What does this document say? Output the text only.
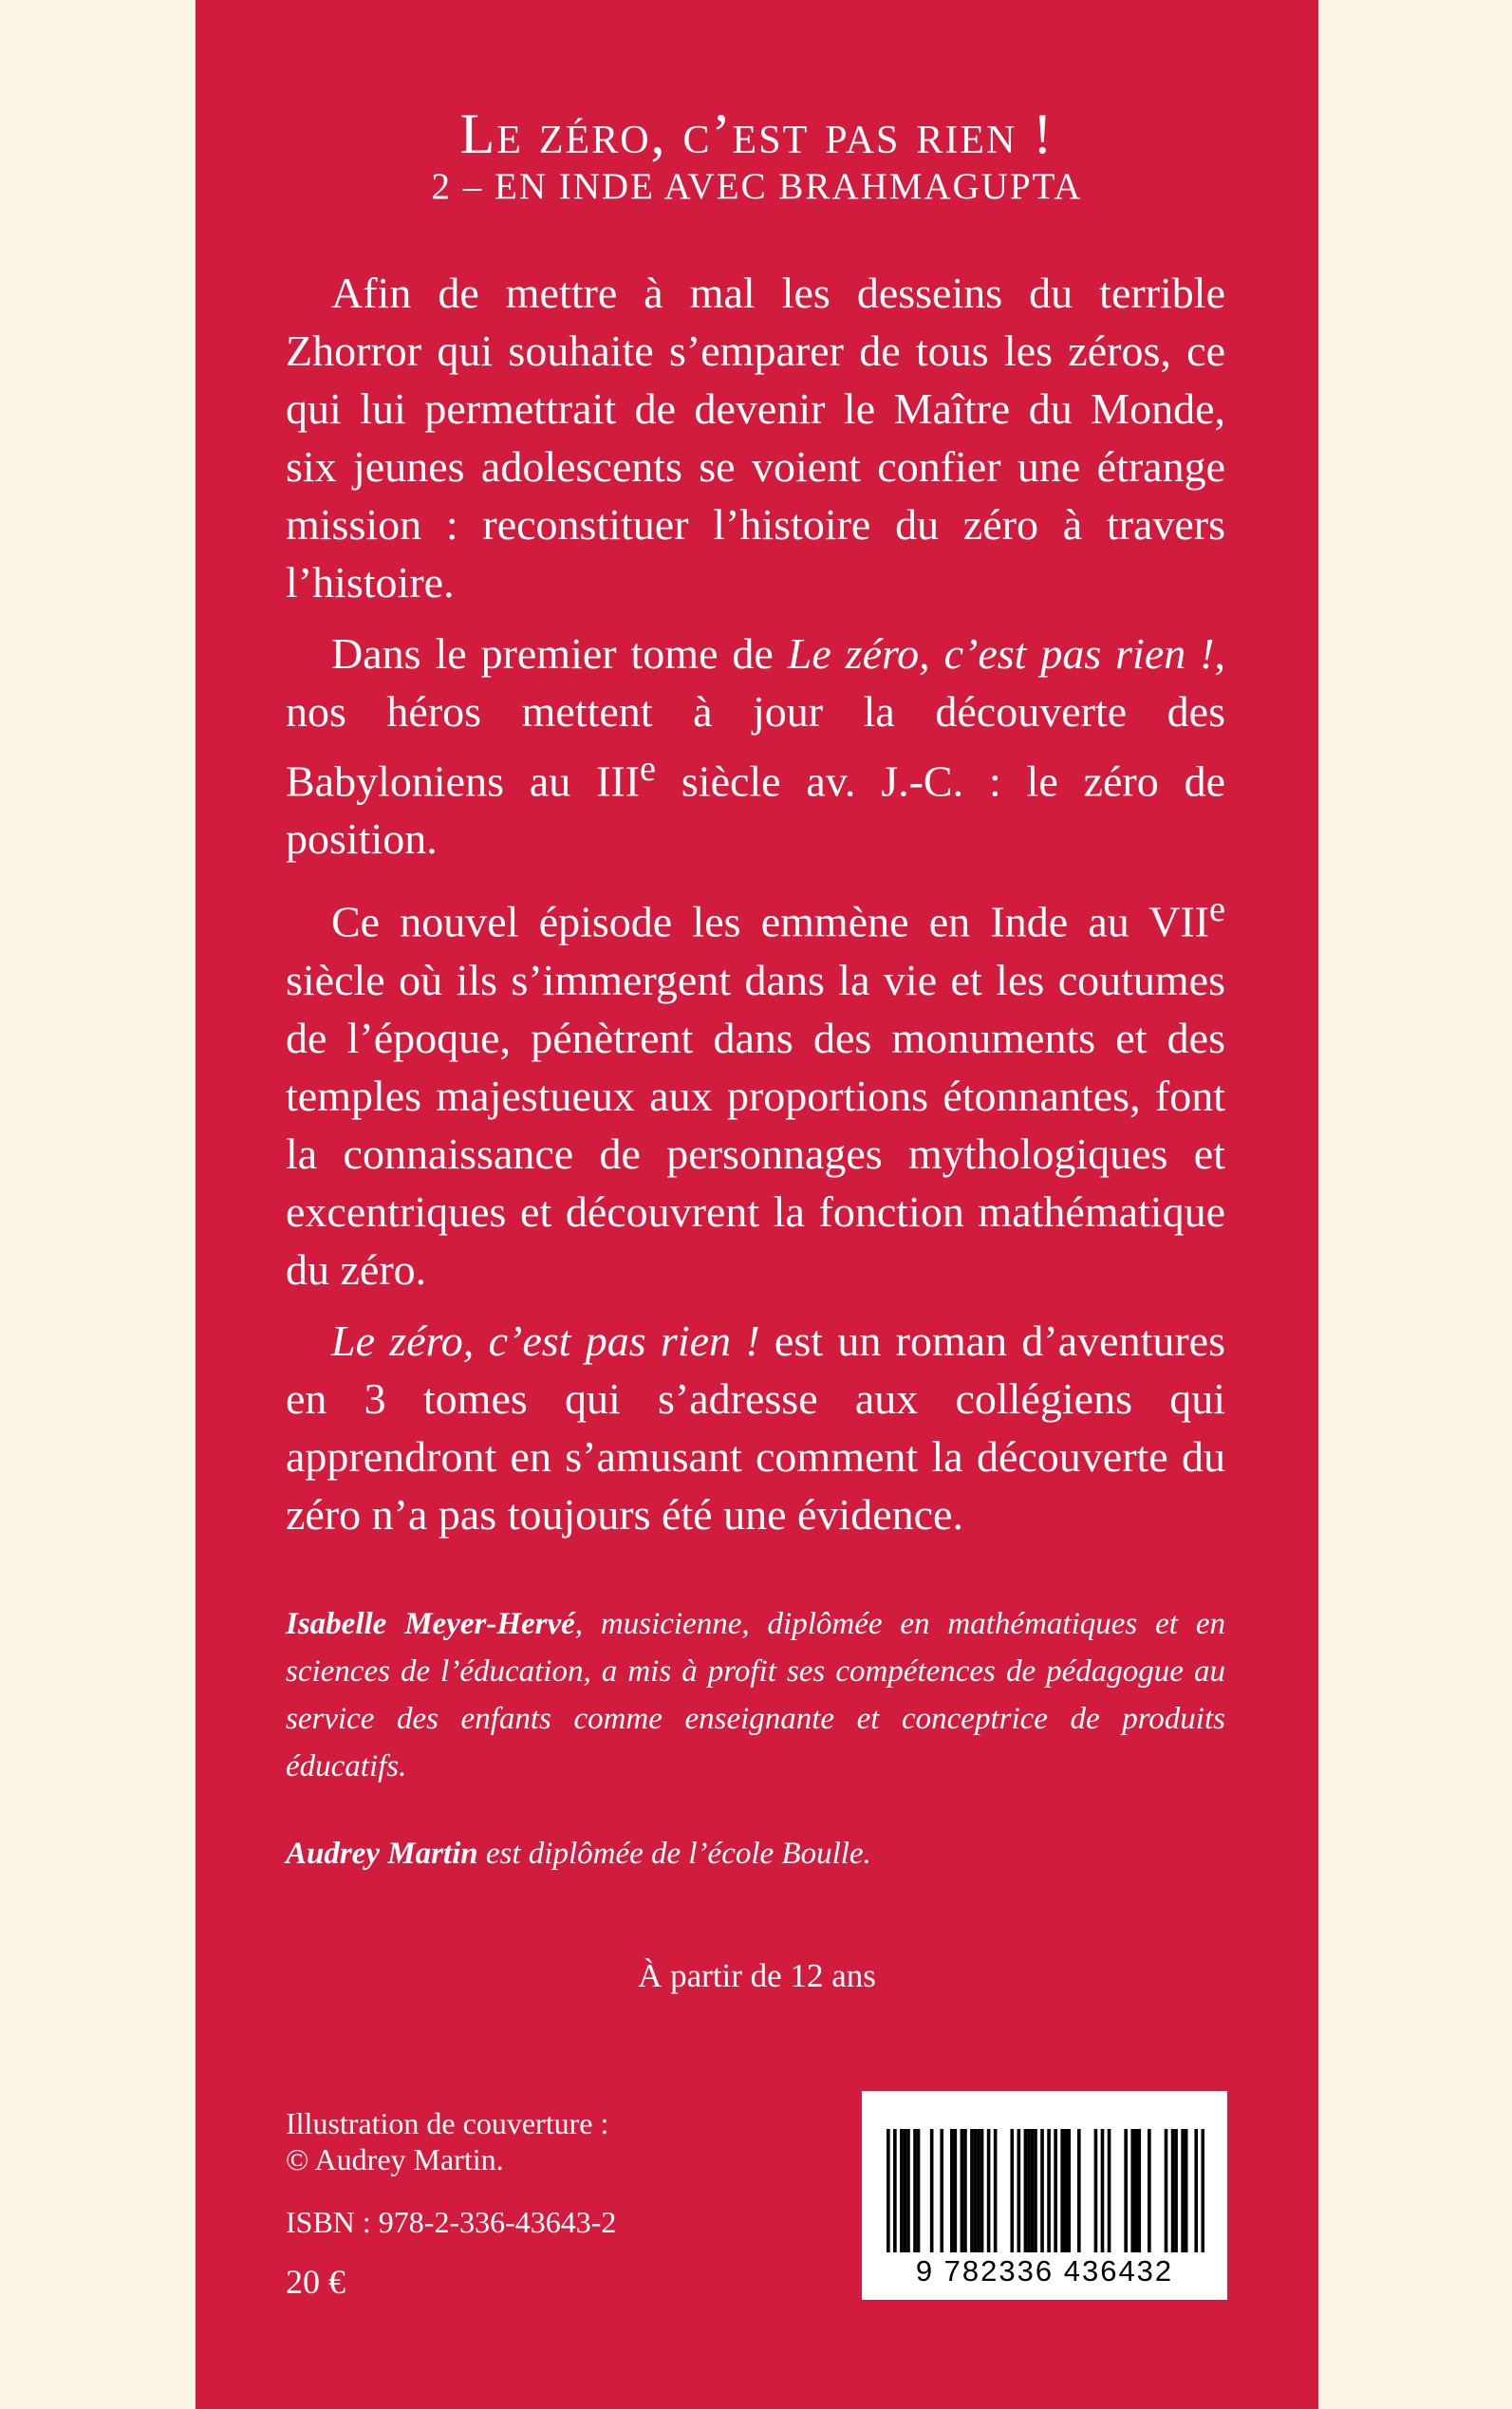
Le zéro, c’est pas rien !
2 – EN INDE AVEC BRAHMAGUPTA

Afin de mettre à mal les desseins du terrible Zhorror qui souhaite s’emparer de tous les zéros, ce qui lui permettrait de devenir le Maître du Monde, six jeunes adolescents se voient confier une étrange mission : reconstituer l’histoire du zéro à travers l’histoire.

Dans le premier tome de Le zéro, c’est pas rien !, nos héros mettent à jour la découverte des Babyloniens au IIIe siècle av. J.-C. : le zéro de position.

Ce nouvel épisode les emmène en Inde au VIIe siècle où ils s’immergent dans la vie et les coutumes de l’époque, pénètrent dans des monuments et des temples majestueux aux proportions étonnantes, font la connaissance de personnages mythologiques et excentriques et découvrent la fonction mathématique du zéro.

Le zéro, c’est pas rien ! est un roman d’aventures en 3 tomes qui s’adresse aux collégiens qui apprendront en s’amusant comment la découverte du zéro n’a pas toujours été une évidence.

Isabelle Meyer-Hervé, musicienne, diplômée en mathématiques et en sciences de l’éducation, a mis à profit ses compétences de pédagogue au service des enfants comme enseignante et conceptrice de produits éducatifs.

Audrey Martin est diplômée de l’école Boulle.

À partir de 12 ans
Illustration de couverture :
© Audrey Martin.
ISBN : 978-2-336-43643-2
20 €	9 782336 436432
